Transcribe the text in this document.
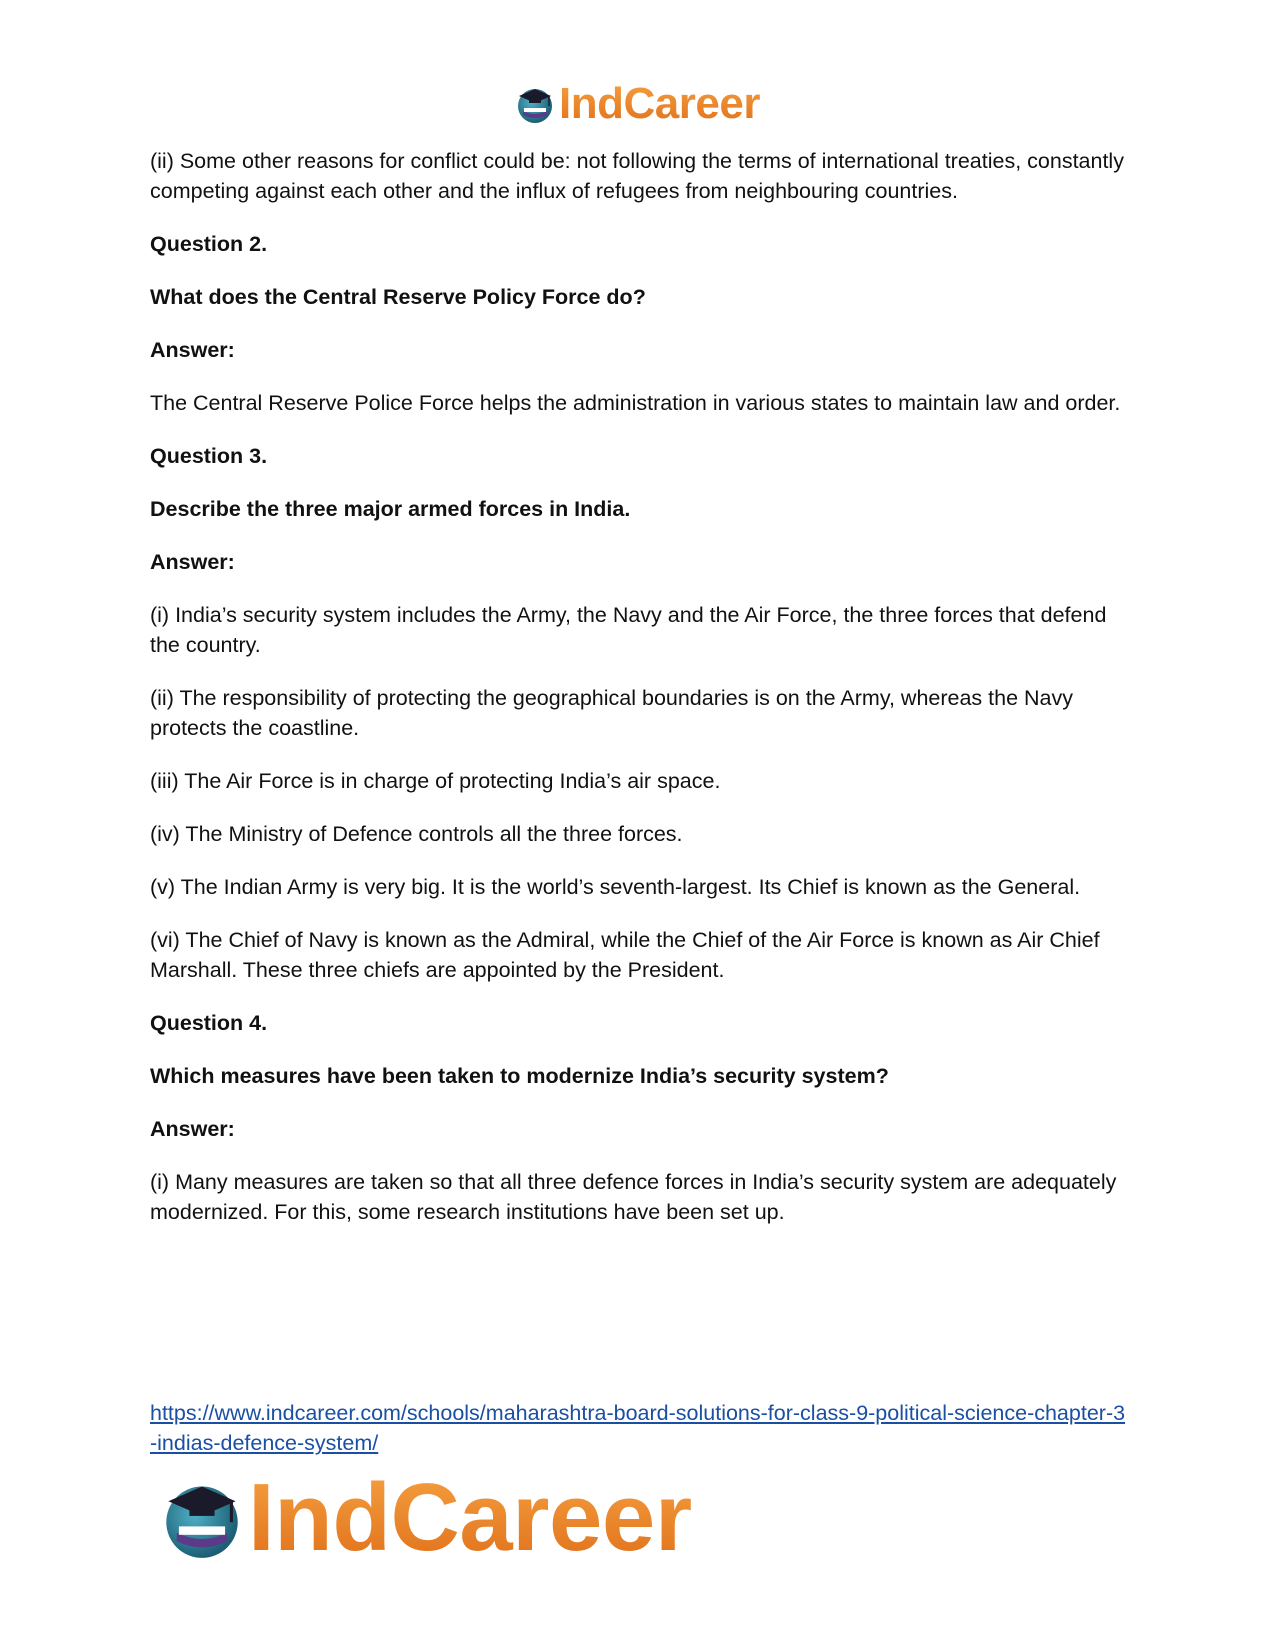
IndCareer

(ii) Some other reasons for conflict could be: not following the terms of international treaties, constantly competing against each other and the influx of refugees from neighbouring countries.

Question 2.

What does the Central Reserve Policy Force do?

Answer:

The Central Reserve Police Force helps the administration in various states to maintain law and order.

Question 3.

Describe the three major armed forces in India.

Answer:

(i) India’s security system includes the Army, the Navy and the Air Force, the three forces that defend the country.

(ii) The responsibility of protecting the geographical boundaries is on the Army, whereas the Navy protects the coastline.

(iii) The Air Force is in charge of protecting India’s air space.

(iv) The Ministry of Defence controls all the three forces.

(v) The Indian Army is very big. It is the world’s seventh-largest. Its Chief is known as the General.

(vi) The Chief of Navy is known as the Admiral, while the Chief of the Air Force is known as Air Chief Marshall. These three chiefs are appointed by the President.

Question 4.

Which measures have been taken to modernize India’s security system?

Answer:

(i) Many measures are taken so that all three defence forces in India’s security system are adequately modernized. For this, some research institutions have been set up.

https://www.indcareer.com/schools/maharashtra-board-solutions-for-class-9-political-science-chapter-3-indias-defence-system/
IndCareer
